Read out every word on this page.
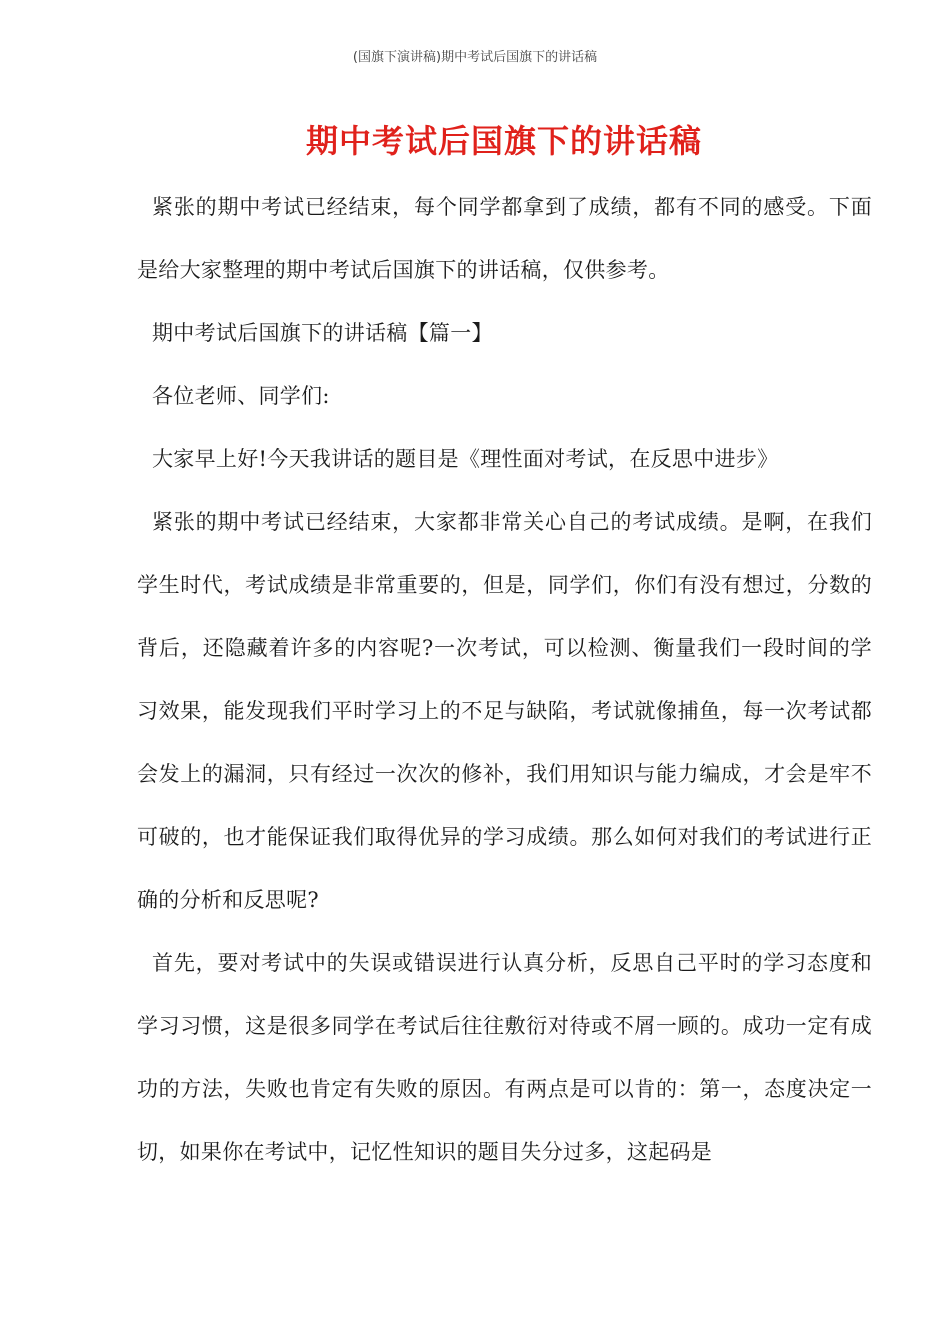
(国旗下演讲稿)期中考试后国旗下的讲话稿
期中考试后国旗下的讲话稿

紧张的期中考试已经结束，每个同学都拿到了成绩，都有不同的感受。下面是给大家整理的期中考试后国旗下的讲话稿，仅供参考。

期中考试后国旗下的讲话稿【篇一】

各位老师、同学们:

大家早上好!今天我讲话的题目是《理性面对考试，在反思中进步》

紧张的期中考试已经结束，大家都非常关心自己的考试成绩。是啊，在我们学生时代，考试成绩是非常重要的，但是，同学们，你们有没有想过，分数的背后，还隐藏着许多的内容呢?一次考试，可以检测、衡量我们一段时间的学习效果，能发现我们平时学习上的不足与缺陷，考试就像捕鱼，每一次考试都会发上的漏洞，只有经过一次次的修补，我们用知识与能力编成，才会是牢不可破的，也才能保证我们取得优异的学习成绩。那么如何对我们的考试进行正确的分析和反思呢?

首先，要对考试中的失误或错误进行认真分析，反思自己平时的学习态度和学习习惯，这是很多同学在考试后往往敷衍对待或不屑一顾的。成功一定有成功的方法，失败也肯定有失败的原因。有两点是可以肯的：第一，态度决定一切，如果你在考试中，记忆性知识的题目失分过多，这起码是
